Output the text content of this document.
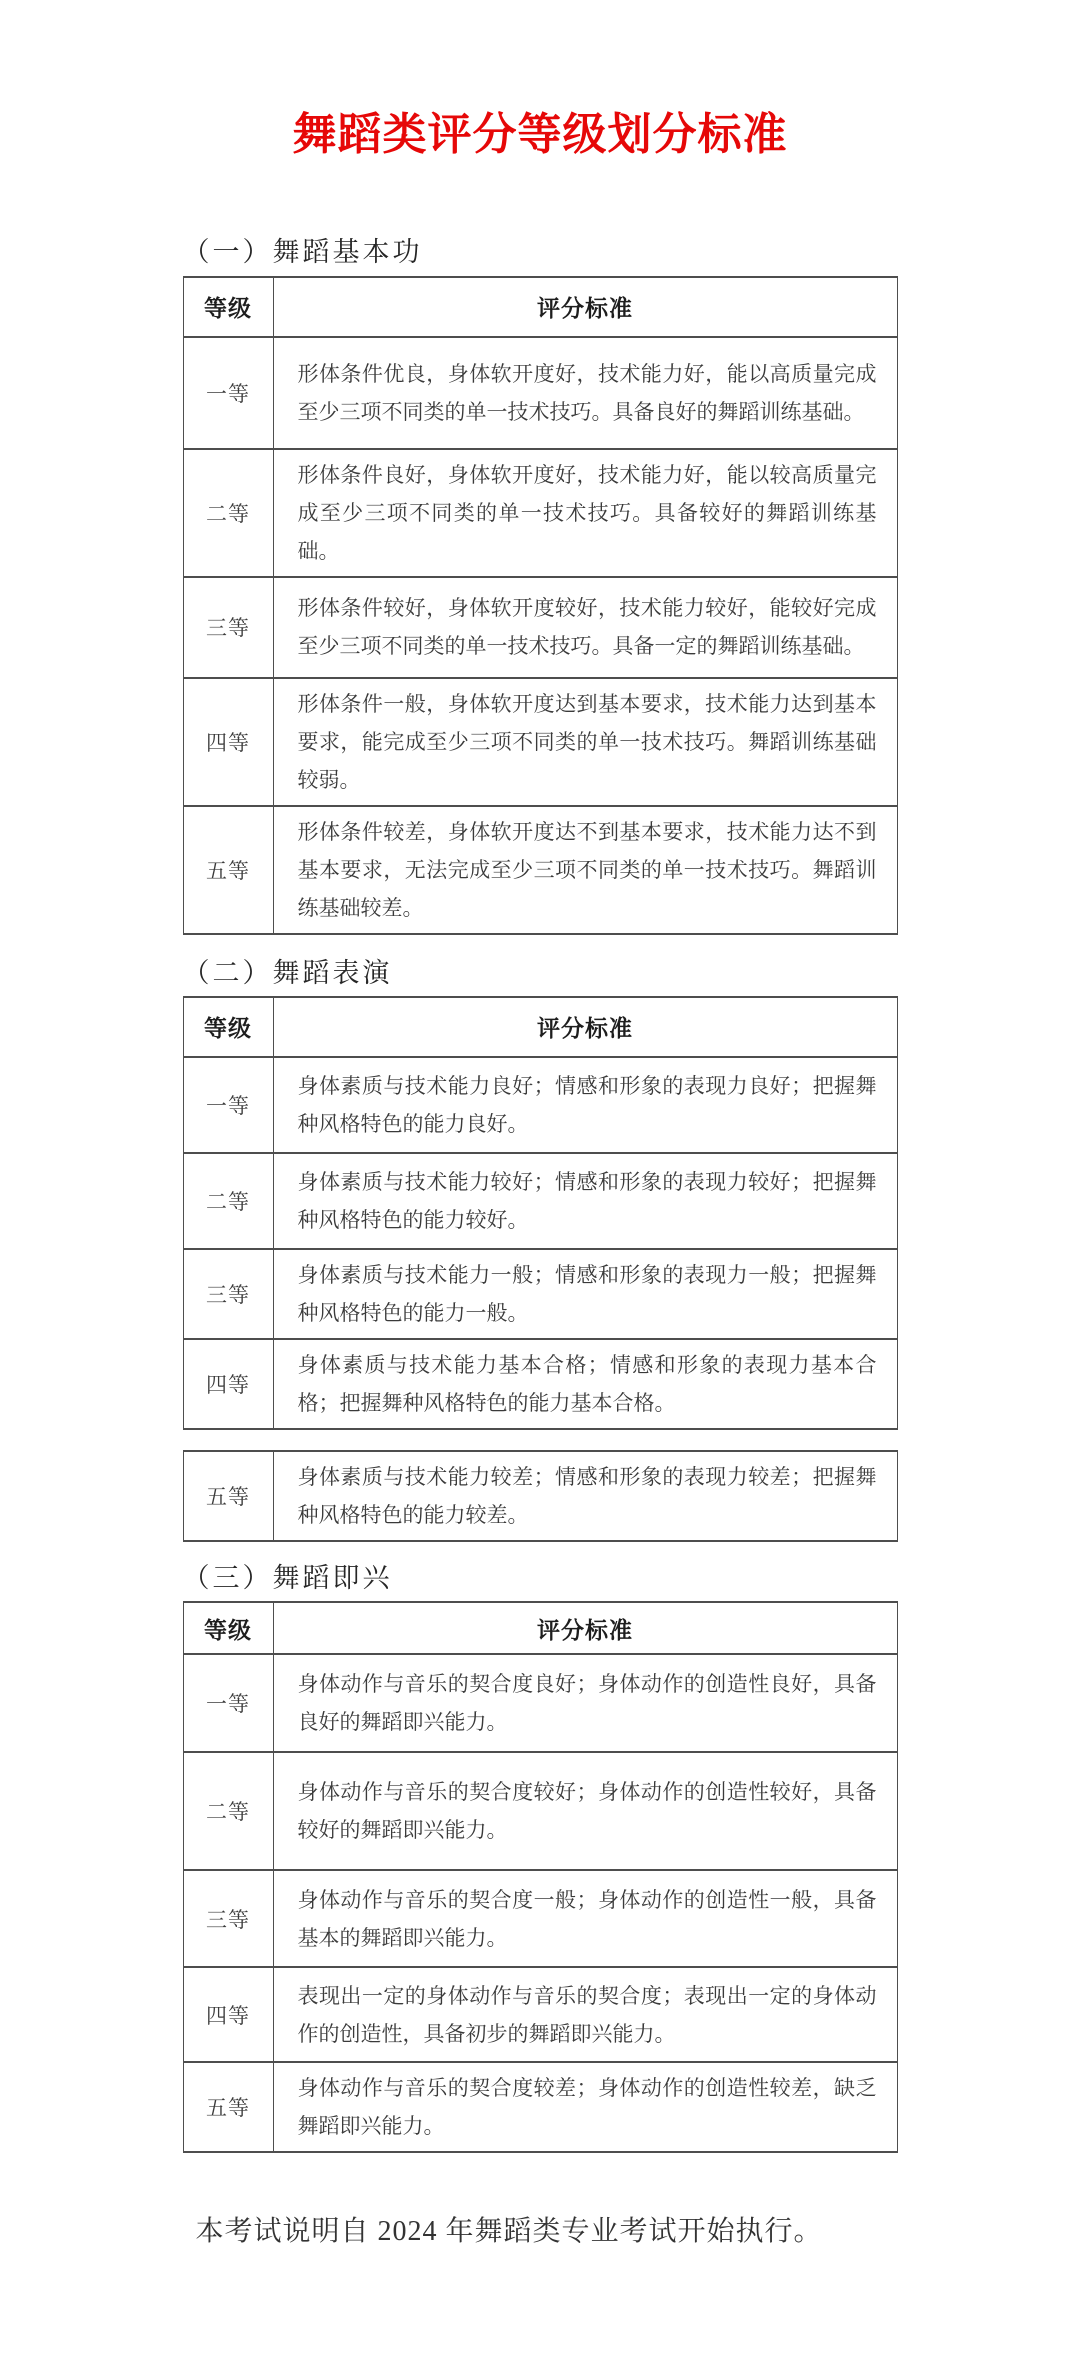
舞蹈类评分等级划分标准
（一）舞蹈基本功
等级	评分标准
一等	形体条件优良，身体软开度好，技术能力好，能以高质量完成至少三项不同类的单一技术技巧。具备良好的舞蹈训练基础。
二等	形体条件良好，身体软开度好，技术能力好，能以较高质量完成至少三项不同类的单一技术技巧。具备较好的舞蹈训练基础。
三等	形体条件较好，身体软开度较好，技术能力较好，能较好完成至少三项不同类的单一技术技巧。具备一定的舞蹈训练基础。
四等	形体条件一般，身体软开度达到基本要求，技术能力达到基本要求，能完成至少三项不同类的单一技术技巧。舞蹈训练基础较弱。
五等	形体条件较差，身体软开度达不到基本要求，技术能力达不到基本要求，无法完成至少三项不同类的单一技术技巧。舞蹈训练基础较差。
（二）舞蹈表演
等级	评分标准
一等	身体素质与技术能力良好；情感和形象的表现力良好；把握舞种风格特色的能力良好。
二等	身体素质与技术能力较好；情感和形象的表现力较好；把握舞种风格特色的能力较好。
三等	身体素质与技术能力一般；情感和形象的表现力一般；把握舞种风格特色的能力一般。
四等	身体素质与技术能力基本合格；情感和形象的表现力基本合格；把握舞种风格特色的能力基本合格。
五等	身体素质与技术能力较差；情感和形象的表现力较差；把握舞种风格特色的能力较差。
（三）舞蹈即兴
等级	评分标准
一等	身体动作与音乐的契合度良好；身体动作的创造性良好，具备良好的舞蹈即兴能力。
二等	身体动作与音乐的契合度较好；身体动作的创造性较好，具备较好的舞蹈即兴能力。
三等	身体动作与音乐的契合度一般；身体动作的创造性一般，具备基本的舞蹈即兴能力。
四等	表现出一定的身体动作与音乐的契合度；表现出一定的身体动作的创造性，具备初步的舞蹈即兴能力。
五等	身体动作与音乐的契合度较差；身体动作的创造性较差，缺乏舞蹈即兴能力。

本考试说明自 2024 年舞蹈类专业考试开始执行。
